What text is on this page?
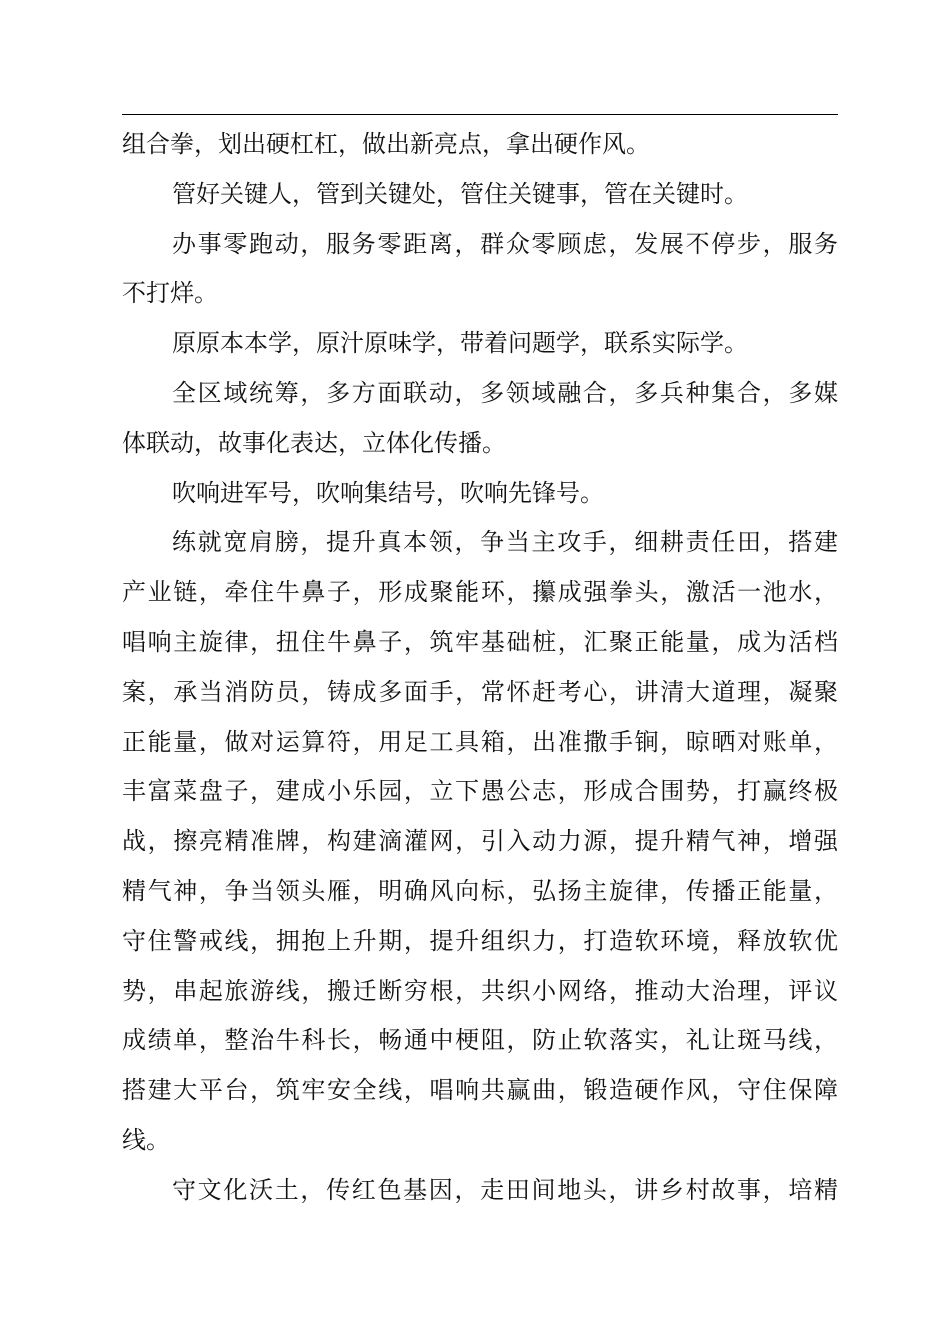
组合拳，划出硬杠杠，做出新亮点，拿出硬作风。
管好关键人，管到关键处，管住关键事，管在关键时。
办事零跑动，服务零距离，群众零顾虑，发展不停步，服务
不打烊。
原原本本学，原汁原味学，带着问题学，联系实际学。
全区域统筹，多方面联动，多领域融合，多兵种集合，多媒
体联动，故事化表达，立体化传播。
吹响进军号，吹响集结号，吹响先锋号。
练就宽肩膀，提升真本领，争当主攻手，细耕责任田，搭建
产业链，牵住牛鼻子，形成聚能环，攥成强拳头，激活一池水，
唱响主旋律，扭住牛鼻子，筑牢基础桩，汇聚正能量，成为活档
案，承当消防员，铸成多面手，常怀赶考心，讲清大道理，凝聚
正能量，做对运算符，用足工具箱，出准撒手锏，晾晒对账单，
丰富菜盘子，建成小乐园，立下愚公志，形成合围势，打赢终极
战，擦亮精准牌，构建滴灌网，引入动力源，提升精气神，增强
精气神，争当领头雁，明确风向标，弘扬主旋律，传播正能量，
守住警戒线，拥抱上升期，提升组织力，打造软环境，释放软优
势，串起旅游线，搬迁断穷根，共织小网络，推动大治理，评议
成绩单，整治牛科长，畅通中梗阻，防止软落实，礼让斑马线，
搭建大平台，筑牢安全线，唱响共赢曲，锻造硬作风，守住保障
线。
守文化沃土，传红色基因，走田间地头，讲乡村故事，培精
